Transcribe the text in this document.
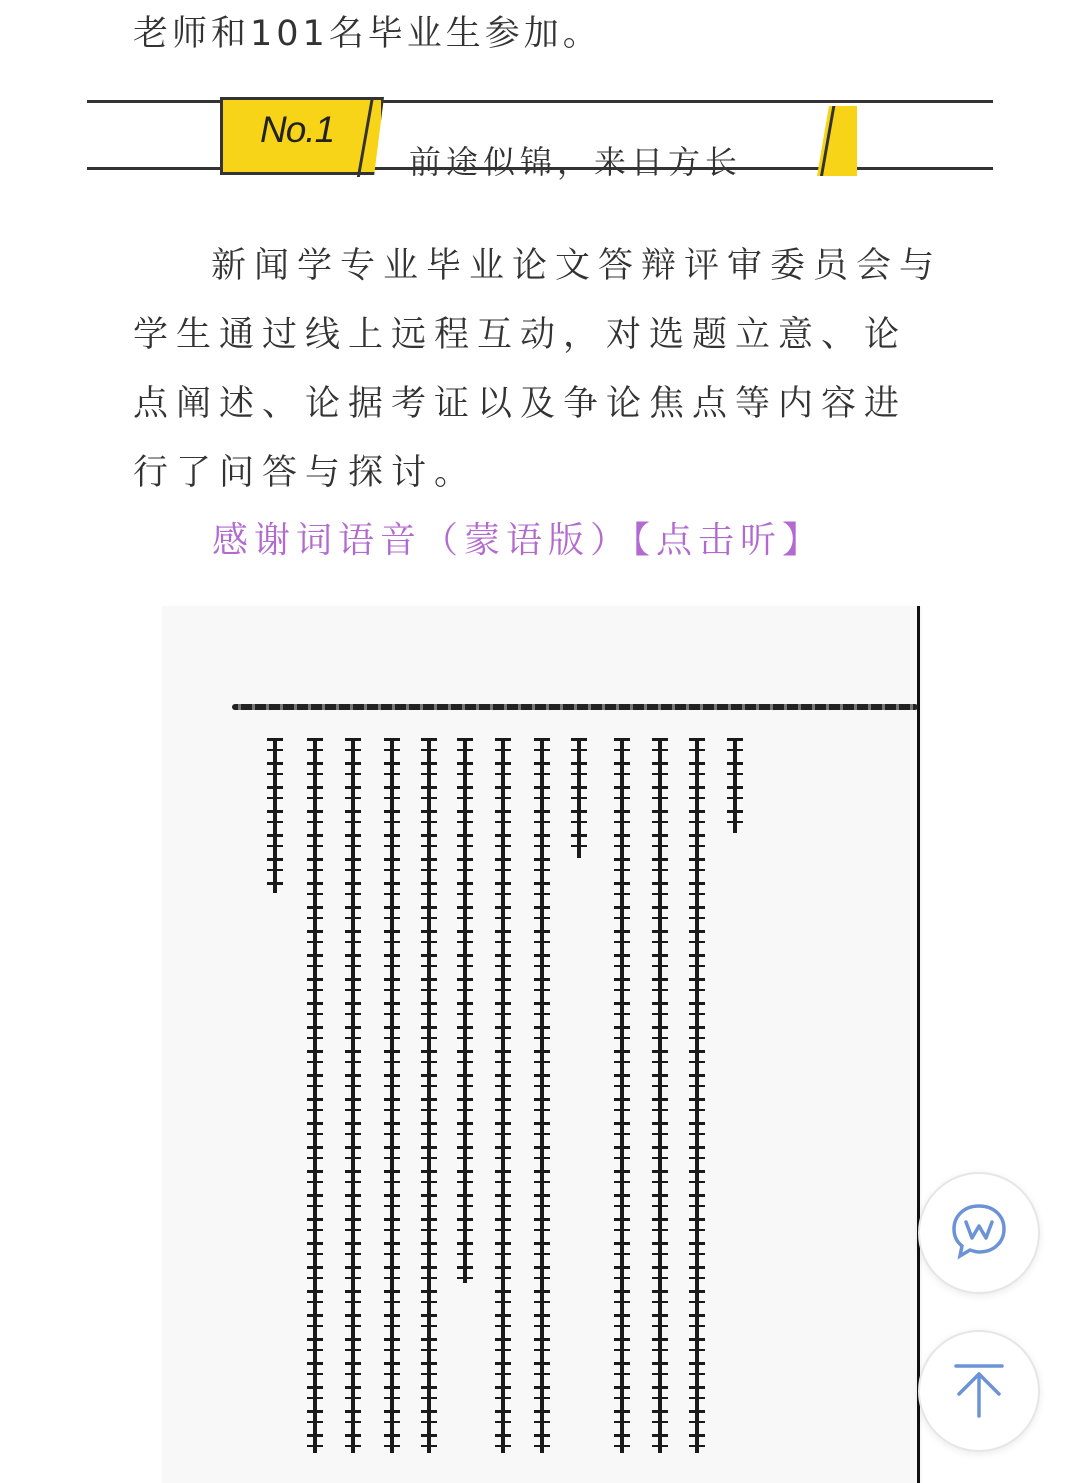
老师和101名毕业生参加。
No.1
前途似锦，来日方长
新闻学专业毕业论文答辩评审委员会与学生通过线上远程互动，对选题立意、论点阐述、论据考证以及争论焦点等内容进行了问答与探讨。
感谢词语音（蒙语版）【点击听】
